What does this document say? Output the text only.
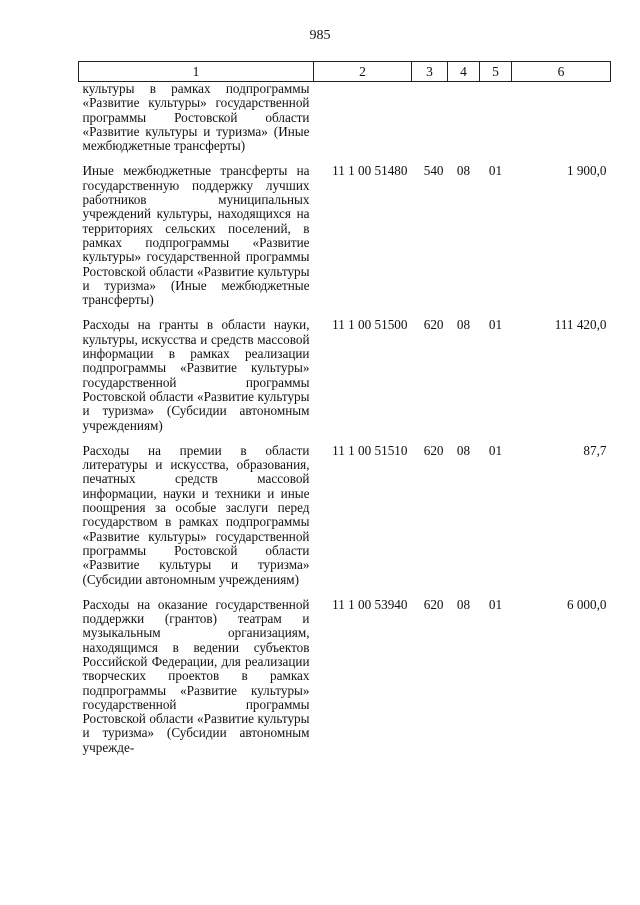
985
1	2	3	4	5	6
культуры в рамках подпрограммы «Развитие культуры» государственной программы Ростовской области «Развитие культуры и туризма» (Иные межбюджетные трансферты)					

Иные межбюджетные трансферты на государственную поддержку лучших работников муниципальных учреждений культуры, находящихся на территориях сельских поселений, в рамках подпрограммы «Развитие культуры» государственной программы Ростовской области «Развитие культуры и туризма» (Иные межбюджетные трансферты)	11 1 00 51480	540	08	01	1 900,0

Расходы на гранты в области науки, культуры, искусства и средств массовой информации в рамках реализации подпрограммы «Развитие культуры» государственной программы Ростовской области «Развитие культуры и туризма» (Субсидии автономным учреждениям)	11 1 00 51500	620	08	01	111 420,0

Расходы на премии в области литературы и искусства, образования, печатных средств массовой информации, науки и техники и иные поощрения за особые заслуги перед государством в рамках подпрограммы «Развитие культуры» государственной программы Ростовской области «Развитие культуры и туризма» (Субсидии автономным учреждениям)	11 1 00 51510	620	08	01	87,7

Расходы на оказание государственной поддержки (грантов) театрам и музыкальным организациям, находящимся в ведении субъектов Российской Федерации, для реализации творческих проектов в рамках подпрограммы «Развитие культуры» государственной программы Ростовской области «Развитие культуры и туризма» (Субсидии автономным учрежде-	11 1 00 53940	620	08	01	6 000,0
